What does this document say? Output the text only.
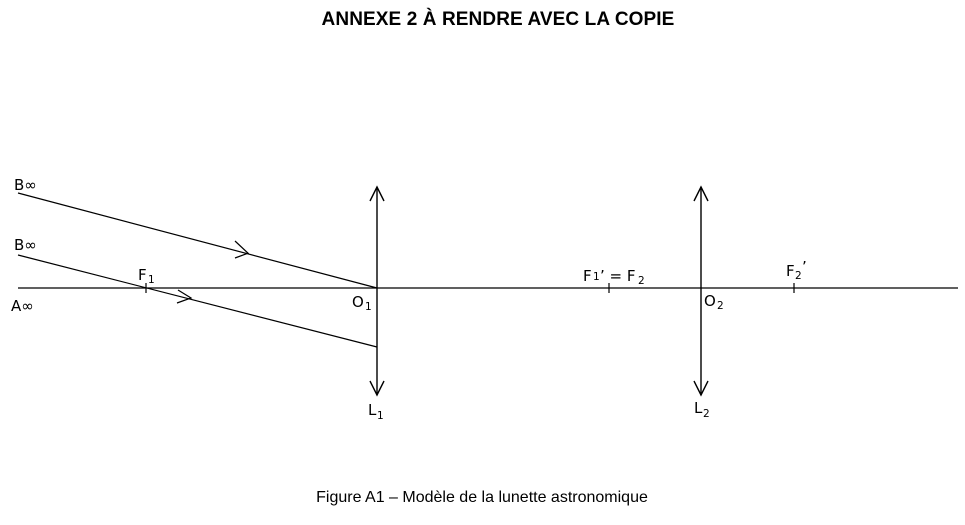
ANNEXE 2 À RENDRE AVEC LA COPIE
B∞
B∞
A∞
F 1
O 1
L 1
F 1 ’ = F 2
O 2
L 2
F 2 ’
Figure A1 – Modèle de la lunette astronomique
